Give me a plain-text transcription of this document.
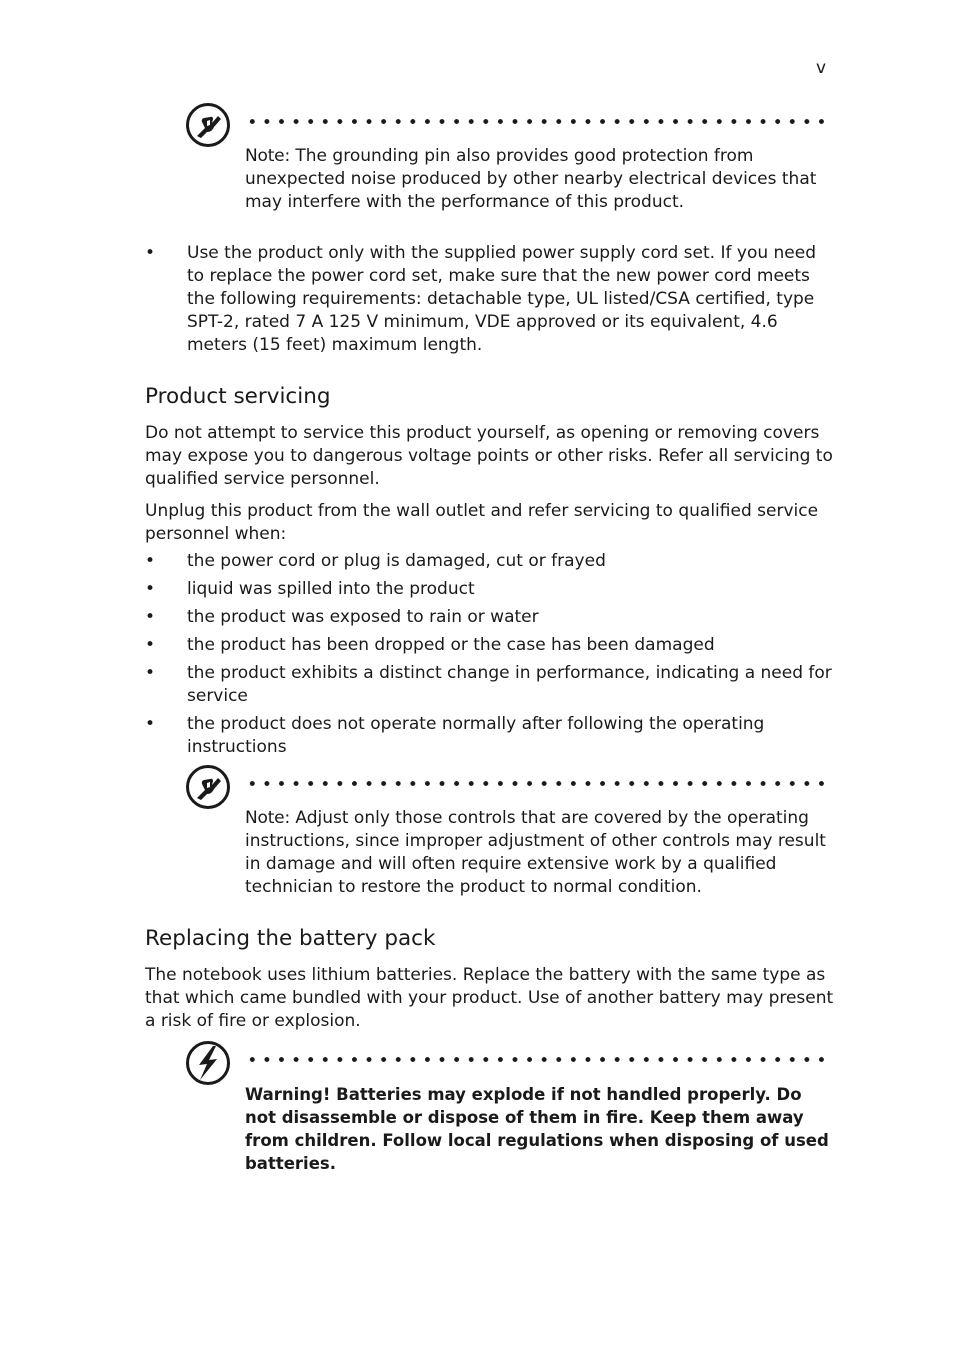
v
Note: The grounding pin also provides good protection from unexpected noise produced by other nearby electrical devices that may interfere with the performance of this product.
• Use the product only with the supplied power supply cord set. If you need to replace the power cord set, make sure that the new power cord meets the following requirements: detachable type, UL listed/CSA certified, type SPT-2, rated 7 A 125 V minimum, VDE approved or its equivalent, 4.6 meters (15 feet) maximum length.
Product servicing

Do not attempt to service this product yourself, as opening or removing covers may expose you to dangerous voltage points or other risks. Refer all servicing to qualified service personnel.

Unplug this product from the wall outlet and refer servicing to qualified service personnel when:

• the power cord or plug is damaged, cut or frayed
• liquid was spilled into the product
• the product was exposed to rain or water
• the product has been dropped or the case has been damaged
• the product exhibits a distinct change in performance, indicating a need for service
• the product does not operate normally after following the operating instructions
Note: Adjust only those controls that are covered by the operating instructions, since improper adjustment of other controls may result in damage and will often require extensive work by a qualified technician to restore the product to normal condition.
Replacing the battery pack

The notebook uses lithium batteries. Replace the battery with the same type as that which came bundled with your product. Use of another battery may present a risk of fire or explosion.

Warning! Batteries may explode if not handled properly. Do not disassemble or dispose of them in fire. Keep them away from children. Follow local regulations when disposing of used batteries.
